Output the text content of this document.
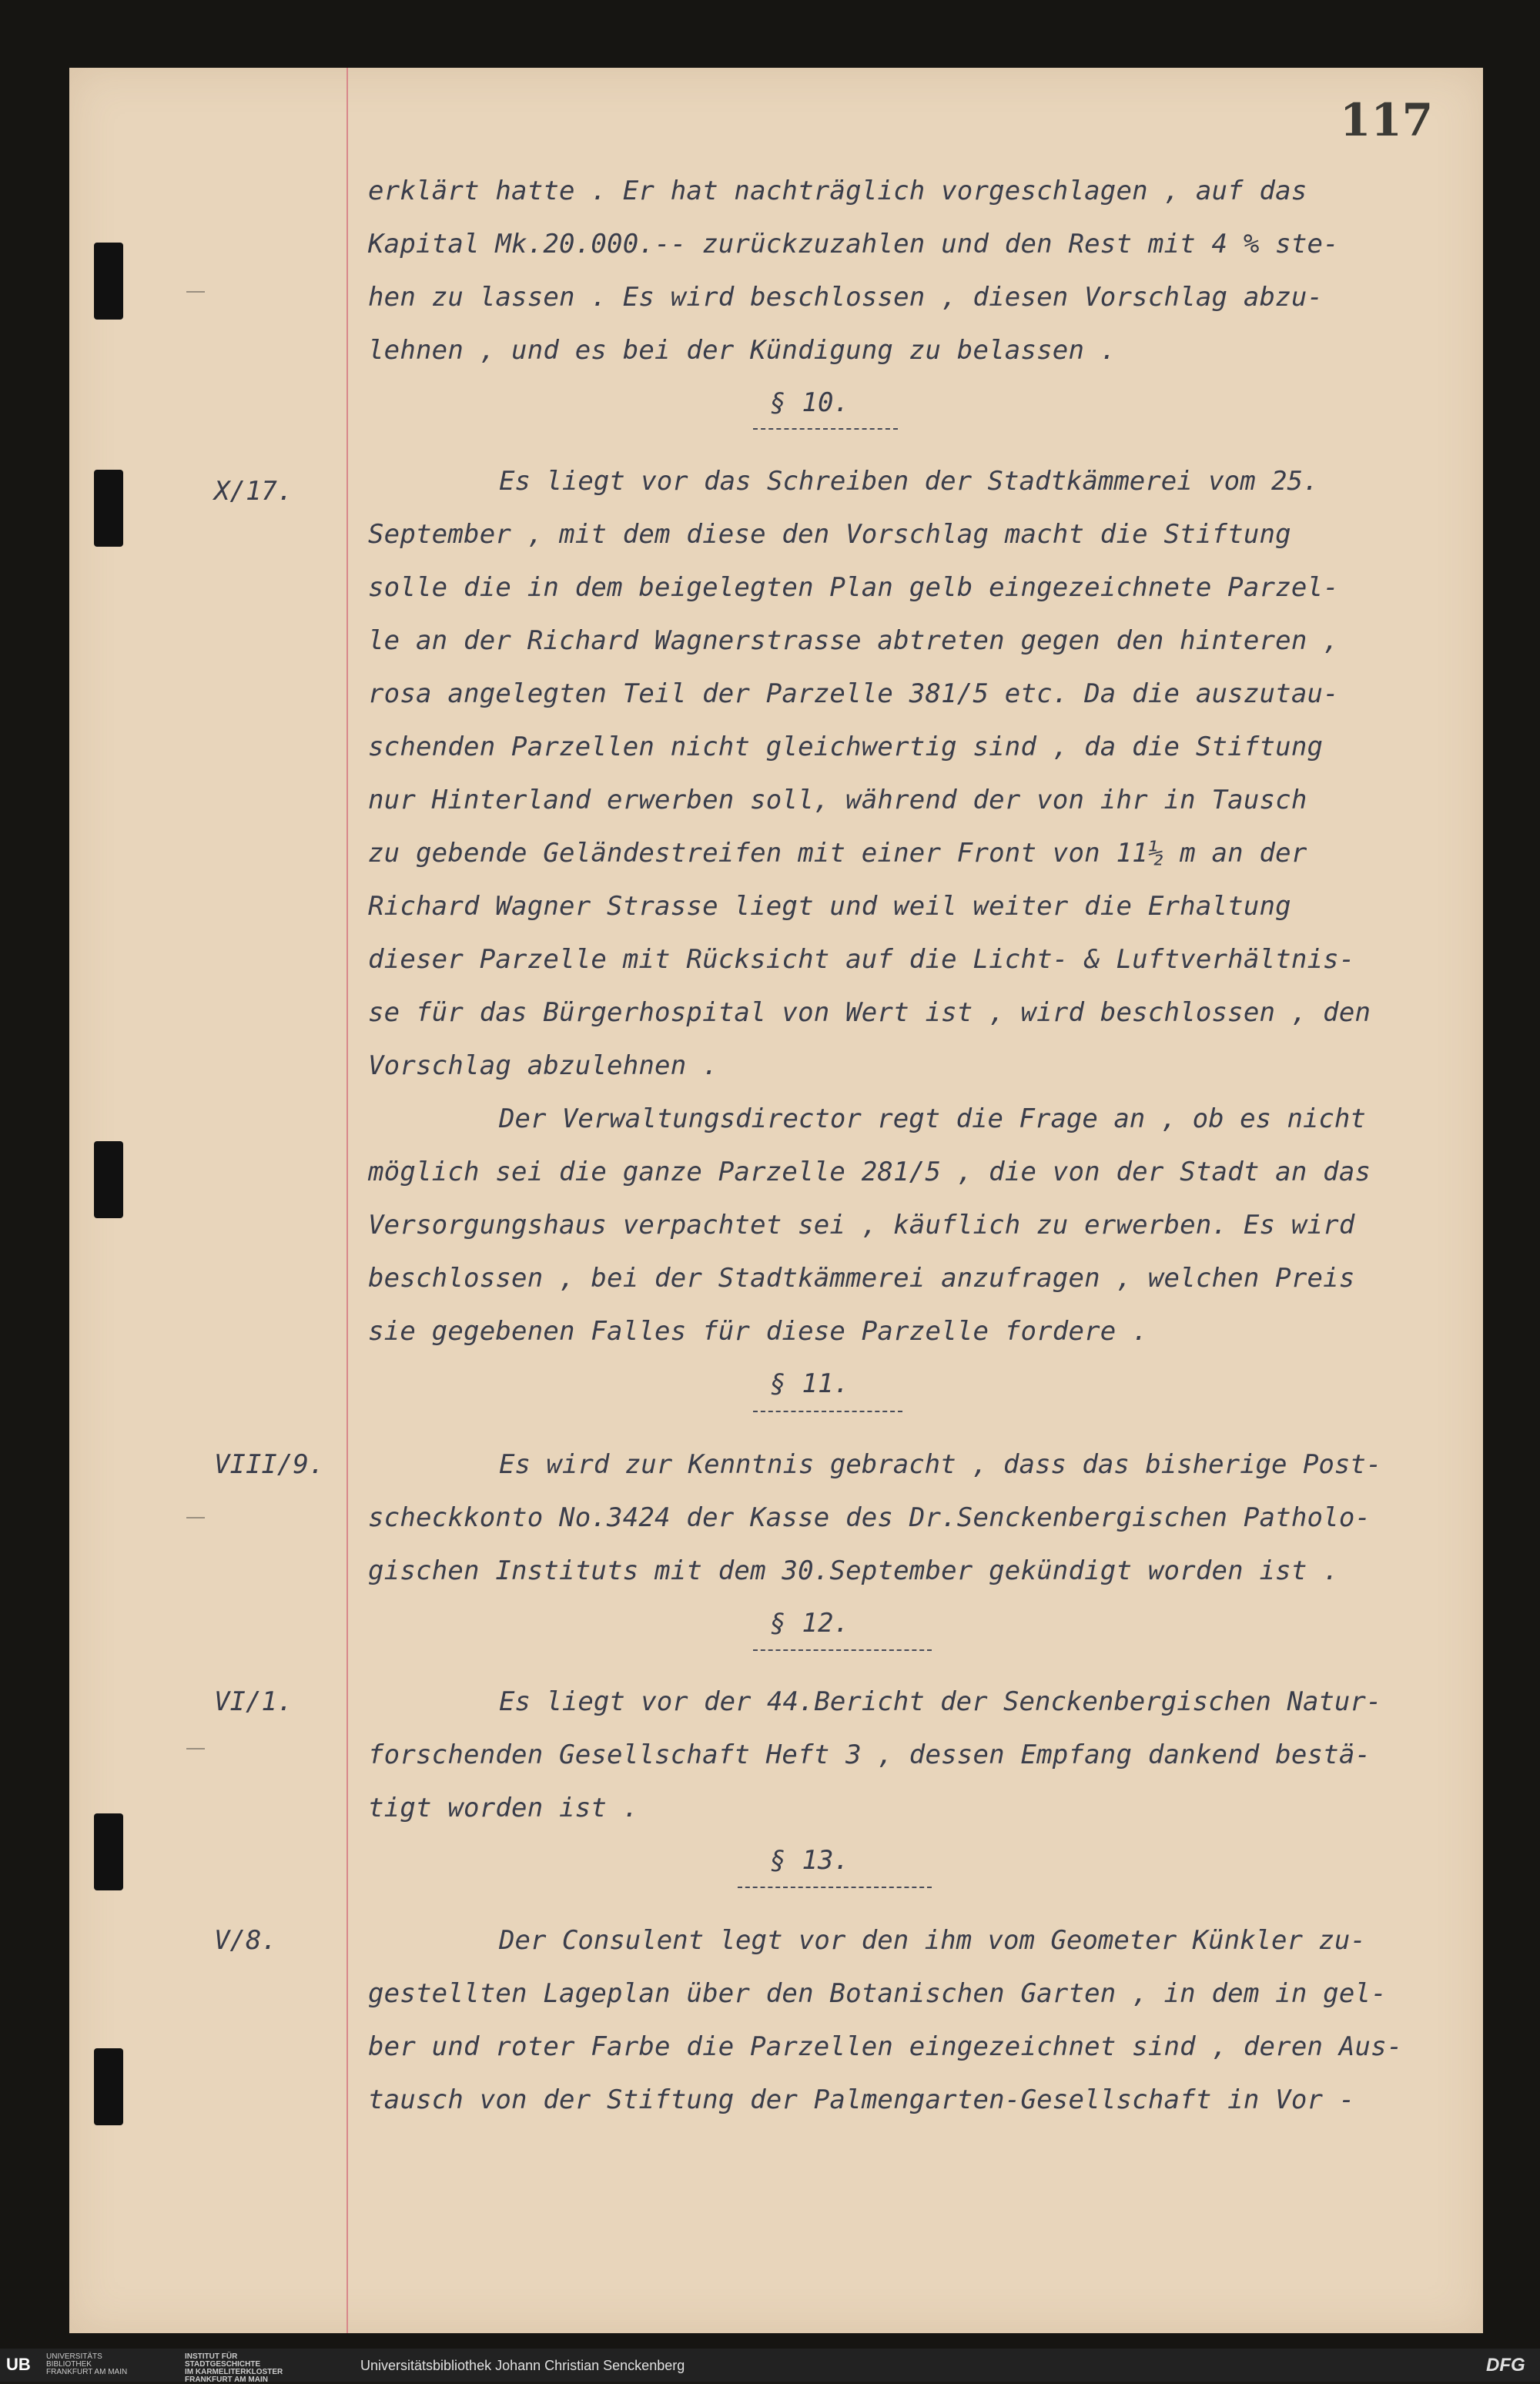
117
X/17.
VIII/9.
VI/1.
V/8.
erklärt hatte . Er hat nachträglich vorgeschlagen , auf das
Kapital Mk.20.000.-- zurückzuzahlen und den Rest mit 4 % ste-
hen zu lassen . Es wird beschlossen , diesen Vorschlag abzu-
lehnen , und es bei der Kündigung zu belassen .
§ 10.
Es liegt vor das Schreiben der Stadtkämmerei vom 25.
September , mit dem diese den Vorschlag macht die Stiftung
solle die in dem beigelegten Plan gelb eingezeichnete Parzel-
le an der Richard Wagnerstrasse abtreten gegen den hinteren ,
rosa angelegten Teil der Parzelle 381/5 etc. Da die auszutau-
schenden Parzellen nicht gleichwertig sind , da die Stiftung
nur Hinterland erwerben soll, während der von ihr in Tausch
zu gebende Geländestreifen mit einer Front von 11½ m an der
Richard Wagner Strasse liegt und weil weiter die Erhaltung
dieser Parzelle mit Rücksicht auf die Licht- & Luftverhältnis-
se für das Bürgerhospital von Wert ist , wird beschlossen , den
Vorschlag abzulehnen .
Der Verwaltungsdirector regt die Frage an , ob es nicht
möglich sei die ganze Parzelle 281/5 , die von der Stadt an das
Versorgungshaus verpachtet sei , käuflich zu erwerben. Es wird
beschlossen , bei der Stadtkämmerei anzufragen , welchen Preis
sie gegebenen Falles für diese Parzelle fordere .
§ 11.
Es wird zur Kenntnis gebracht , dass das bisherige Post-
scheckkonto No.3424 der Kasse des Dr.Senckenbergischen Patholo-
gischen Instituts mit dem 30.September gekündigt worden ist .
§ 12.
Es liegt vor der 44.Bericht der Senckenbergischen Natur-
forschenden Gesellschaft Heft 3 , dessen Empfang dankend bestä-
tigt worden ist .
§ 13.
Der Consulent legt vor den ihm vom Geometer Künkler zu-
gestellten Lageplan über den Botanischen Garten , in dem in gel-
ber und roter Farbe die Parzellen eingezeichnet sind , deren Aus-
tausch von der Stiftung der Palmengarten-Gesellschaft in Vor -
UB UNIVERSITÄTS
BIBLIOTHEK
FRANKFURT AM MAIN
INSTITUT FÜR
STADTGESCHICHTE
IM KARMELITERKLOSTER
FRANKFURT AM MAIN
Universitätsbibliothek Johann Christian Senckenberg	DFG
